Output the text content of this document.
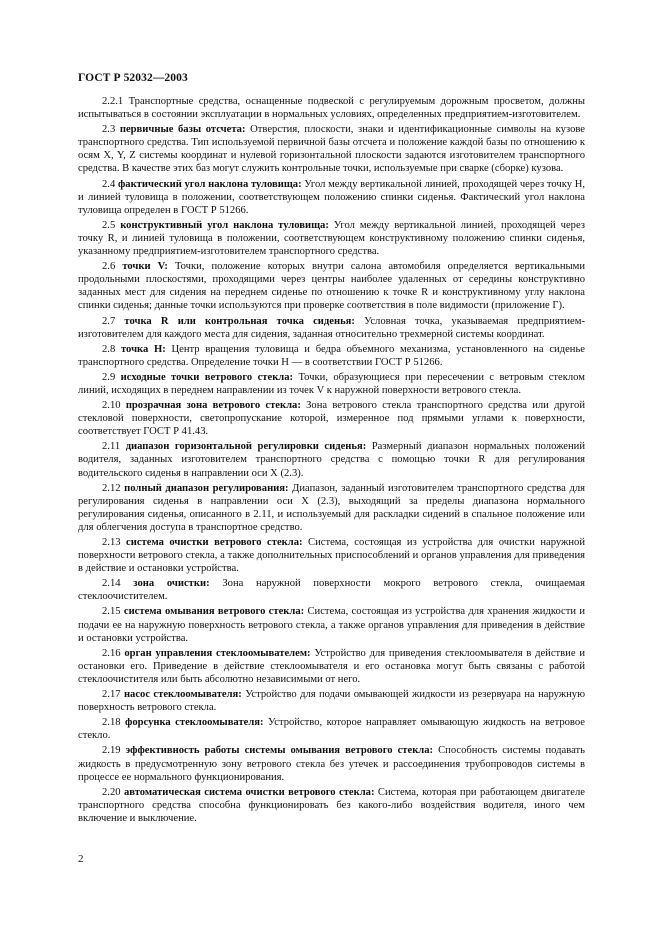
ГОСТ Р 52032—2003

2.2.1 Транспортные средства, оснащенные подвеской с регулируемым дорожным просветом, должны испытываться в состоянии эксплуатации в нормальных условиях, определенных предприятием-изготовителем.

2.3 первичные базы отсчета: Отверстия, плоскости, знаки и идентификационные символы на кузове транспортного средства. Тип используемой первичной базы отсчета и положение каждой базы по отношению к осям X, Y, Z системы координат и нулевой горизонтальной плоскости задаются изготовителем транспортного средства. В качестве этих баз могут служить контрольные точки, используемые при сварке (сборке) кузова.

2.4 фактический угол наклона туловища: Угол между вертикальной линией, проходящей через точку H, и линией туловища в положении, соответствующем положению спинки сиденья. Фактический угол наклона туловища определен в ГОСТ Р 51266.

2.5 конструктивный угол наклона туловища: Угол между вертикальной линией, проходящей через точку R, и линией туловища в положении, соответствующем конструктивному положению спинки сиденья, указанному предприятием-изготовителем транспортного средства.

2.6 точки V: Точки, положение которых внутри салона автомобиля определяется вертикальными продольными плоскостями, проходящими через центры наиболее удаленных от середины конструктивно заданных мест для сидения на переднем сиденье по отношению к точке R и конструктивному углу наклона спинки сиденья; данные точки используются при проверке соответствия в поле видимости (приложение Г).

2.7 точка R или контрольная точка сиденья: Условная точка, указываемая предприятием-изготовителем для каждого места для сидения, заданная относительно трехмерной системы координат.

2.8 точка H: Центр вращения туловища и бедра объемного механизма, установленного на сиденье транспортного средства. Определение точки H — в соответствии ГОСТ Р 51266.

2.9 исходные точки ветрового стекла: Точки, образующиеся при пересечении с ветровым стеклом линий, исходящих в переднем направлении из точек V к наружной поверхности ветрового стекла.

2.10 прозрачная зона ветрового стекла: Зона ветрового стекла транспортного средства или другой стекловой поверхности, светопропускание которой, измеренное под прямыми углами к поверхности, соответствует ГОСТ Р 41.43.

2.11 диапазон горизонтальной регулировки сиденья: Размерный диапазон нормальных положений водителя, заданных изготовителем транспортного средства с помощью точки R для регулирования водительского сиденья в направлении оси X (2.3).

2.12 полный диапазон регулирования: Диапазон, заданный изготовителем транспортного средства для регулирования сиденья в направлении оси X (2.3), выходящий за пределы диапазона нормального регулирования сиденья, описанного в 2.11, и используемый для раскладки сидений в спальное положение или для облегчения доступа в транспортное средство.

2.13 система очистки ветрового стекла: Система, состоящая из устройства для очистки наружной поверхности ветрового стекла, а также дополнительных приспособлений и органов управления для приведения в действие и остановки устройства.

2.14 зона очистки: Зона наружной поверхности мокрого ветрового стекла, очищаемая стеклоочистителем.

2.15 система омывания ветрового стекла: Система, состоящая из устройства для хранения жидкости и подачи ее на наружную поверхность ветрового стекла, а также органов управления для приведения в действие и остановки устройства.

2.16 орган управления стеклоомывателем: Устройство для приведения стеклоомывателя в действие и остановки его. Приведение в действие стеклоомывателя и его остановка могут быть связаны с работой стеклоочистителя или быть абсолютно независимыми от него.

2.17 насос стеклоомывателя: Устройство для подачи омывающей жидкости из резервуара на наружную поверхность ветрового стекла.

2.18 форсунка стеклоомывателя: Устройство, которое направляет омывающую жидкость на ветровое стекло.

2.19 эффективность работы системы омывания ветрового стекла: Способность системы подавать жидкость в предусмотренную зону ветрового стекла без утечек и рассоединения трубопроводов системы в процессе ее нормального функционирования.

2.20 автоматическая система очистки ветрового стекла: Система, которая при работающем двигателе транспортного средства способна функционировать без какого-либо воздействия водителя, иного чем включение и выключение.

2
